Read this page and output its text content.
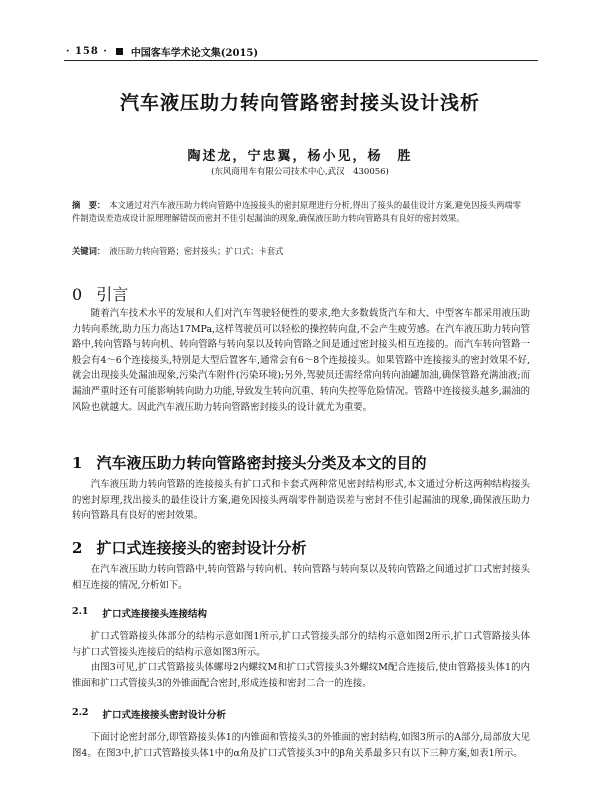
· 158 · 中国客车学术论文集(2015)
汽车液压助力转向管路密封接头设计浅析
陶述龙，宁忠翼，杨小见，杨　胜
(东风商用车有限公司技术中心,武汉　430056)
摘　要： 本文通过对汽车液压助力转向管路中连接接头的密封原理进行分析,得出了接头的最佳设计方案,避免因接头两端零件制造误差造成设计原理理解错误而密封不佳引起漏油的现象,确保液压助力转向管路具有良好的密封效果。
关键词： 液压助力转向管路；密封接头；扩口式；卡套式
0 引言
随着汽车技术水平的发展和人们对汽车驾驶轻便性的要求,绝大多数载货汽车和大、中型客车都采用液压助力转向系统,助力压力高达17MPa,这样驾驶员可以轻松的操控转向盘,不会产生疲劳感。在汽车液压助力转向管路中,转向管路与转向机、转向管路与转向泵以及转向管路之间是通过密封接头相互连接的。而汽车转向管路一般会有4～6个连接接头,特别是大型后置客车,通常会有6～8个连接接头。如果管路中连接接头的密封效果不好,就会出现接头处漏油现象,污染汽车附件(污染环境);另外,驾驶员还需经常向转向油罐加油,确保管路充满油液;而漏油严重时还有可能影响转向助力功能,导致发生转向沉重、转向失控等危险情况。管路中连接接头越多,漏油的风险也就越大。因此汽车液压助力转向管路密封接头的设计就尤为重要。
1 汽车液压助力转向管路密封接头分类及本文的目的
汽车液压助力转向管路的连接接头有扩口式和卡套式两种常见密封结构形式,本文通过分析这两种结构接头的密封原理,找出接头的最佳设计方案,避免因接头两端零件制造误差与密封不佳引起漏油的现象,确保液压助力转向管路具有良好的密封效果。
2 扩口式连接接头的密封设计分析
在汽车液压助力转向管路中,转向管路与转向机、转向管路与转向泵以及转向管路之间通过扩口式密封接头相互连接的情况,分析如下。
2.1 扩口式连接接头连接结构
扩口式管路接头体部分的结构示意如图1所示,扩口式管接头部分的结构示意如图2所示,扩口式管路接头体与扩口式管接头连接后的结构示意如图3所示。
由图3可见,扩口式管路接头体螺母2内螺纹M和扩口式管接头3外螺纹M配合连接后,使由管路接头体1的内锥面和扩口式管接头3的外锥面配合密封,形成连接和密封二合一的连接。
2.2 扩口式连接接头密封设计分析
下面讨论密封部分,即管路接头体1的内锥面和管接头3的外锥面的密封结构,如图3所示的A部分,局部放大见图4。在图3中,扩口式管路接头体1中的α角及扩口式管接头3中的β角关系最多只有以下三种方案,如表1所示。
